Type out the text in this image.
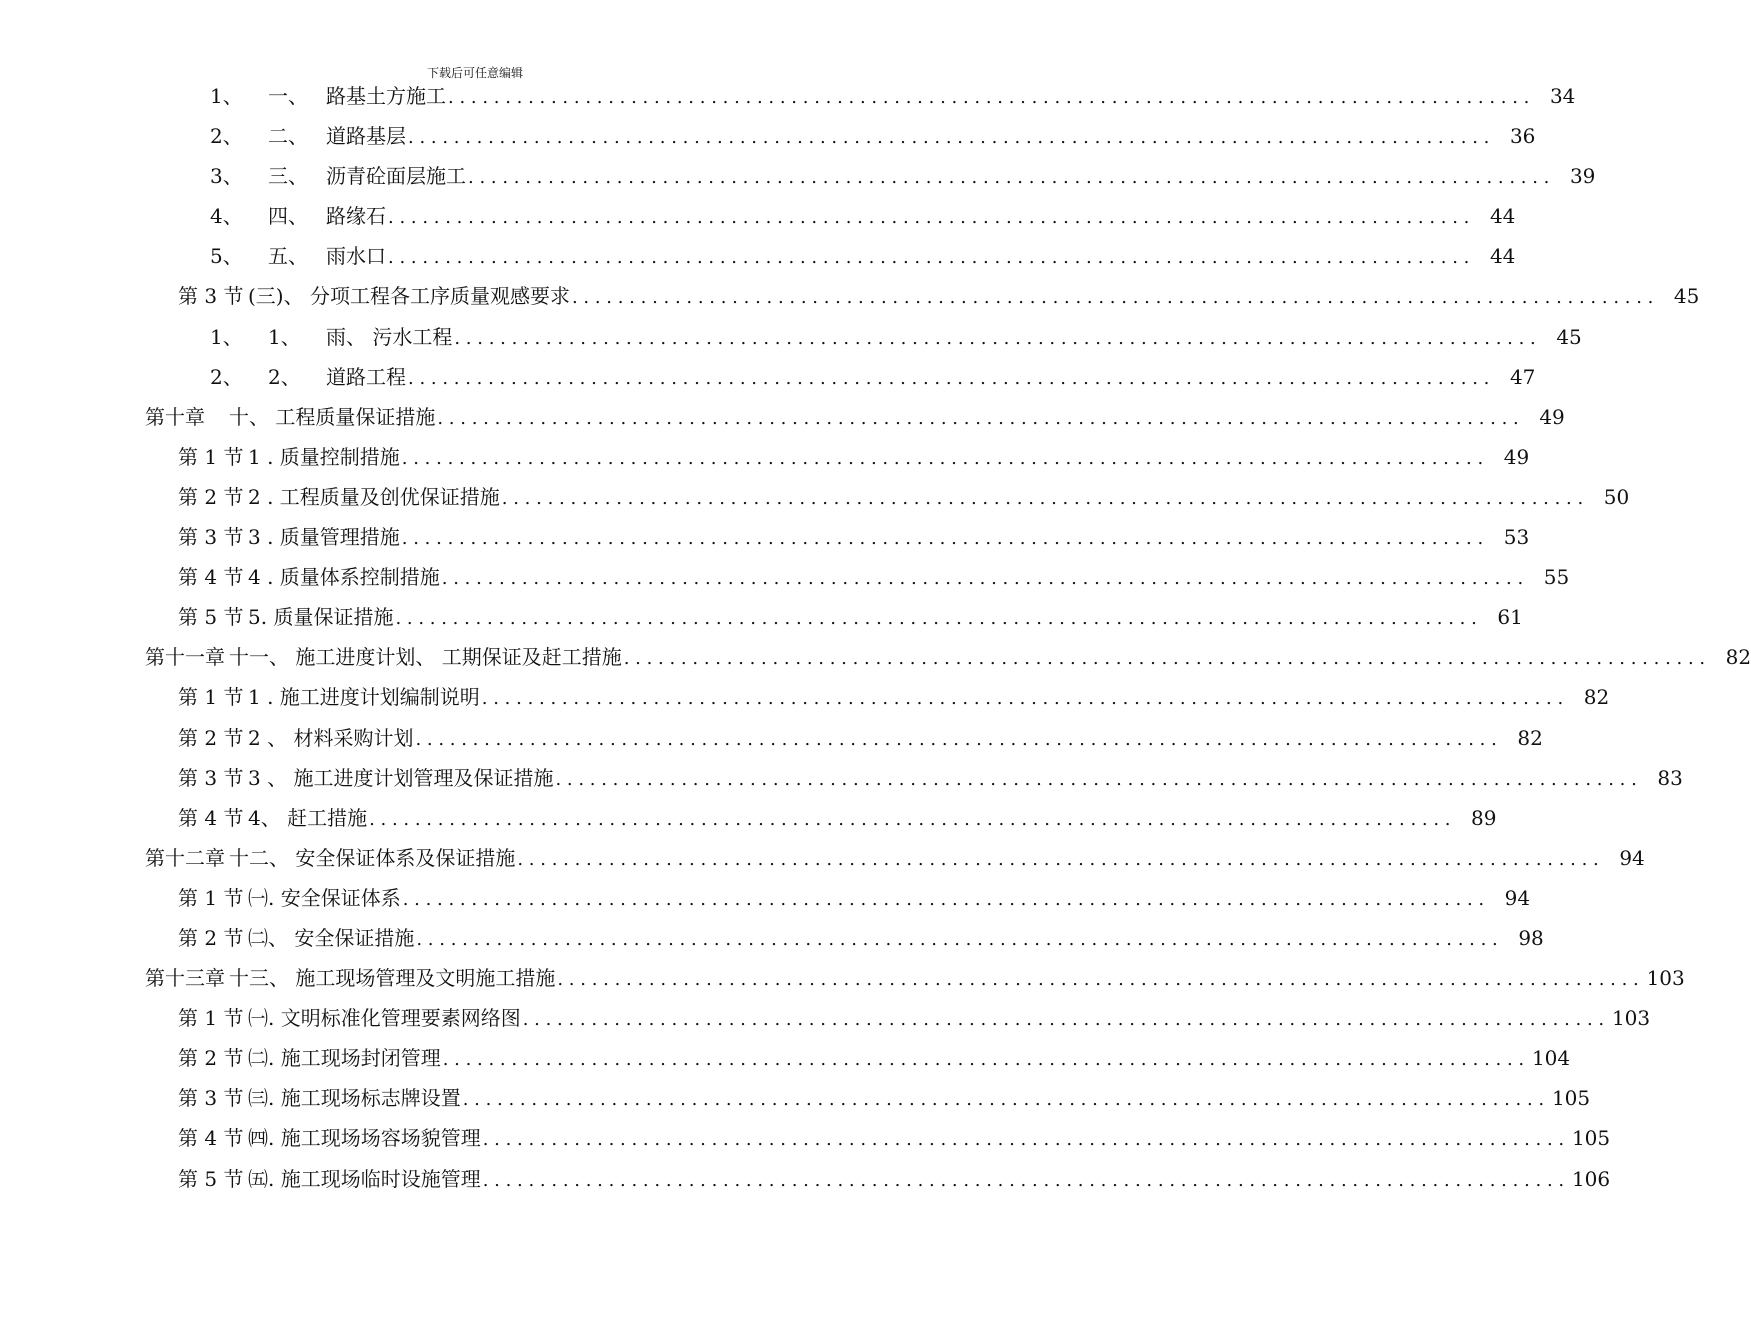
下载后可任意编辑
1、	一、 路基土方施工 . . .	34
2、	二、 道路基层 . . .	36
3、	三、 沥青砼面层施工 . . .	39
4、	四、 路缘石 . . .	44
5、	五、 雨水口 . . .	44
第 3 节 (三)、 分项工程各工序质量观感要求 . . .	45
1、	1、	雨、 污水工程 . . .	45
2、	2、	道路工程 . . .	47
第十章	十、 工程质量保证措施 . . .	49
第 1 节 1 . 质量控制措施 . . .	49
第 2 节 2 . 工程质量及创优保证措施 . . .	50
第 3 节 3 . 质量管理措施 . . .	53
第 4 节 4 . 质量体系控制措施 . . .	55
第 5 节 5. 质量保证措施 . . .	61
第十一章 十一、 施工进度计划、 工期保证及赶工措施 . . .	82
第 1 节 1 . 施工进度计划编制说明 . . .	82
第 2 节 2 、 材料采购计划 . . .	82
第 3 节 3 、 施工进度计划管理及保证措施 . . .	83
第 4 节 4、 赶工措施 . . .	89
第十二章 十二、 安全保证体系及保证措施 . . .	94
第 1 节 ㈠. 安全保证体系 . . .	94
第 2 节 ㈡、 安全保证措施 . . .	98
第十三章 十三、 施工现场管理及文明施工措施 . . .	103
第 1 节 ㈠. 文明标准化管理要素网络图 . . .	103
第 2 节 ㈡. 施工现场封闭管理 . . .	104
第 3 节 ㈢. 施工现场标志牌设置 . . .	105
第 4 节 ㈣. 施工现场场容场貌管理 . . .	105
第 5 节 ㈤. 施工现场临时设施管理 . . .	106
